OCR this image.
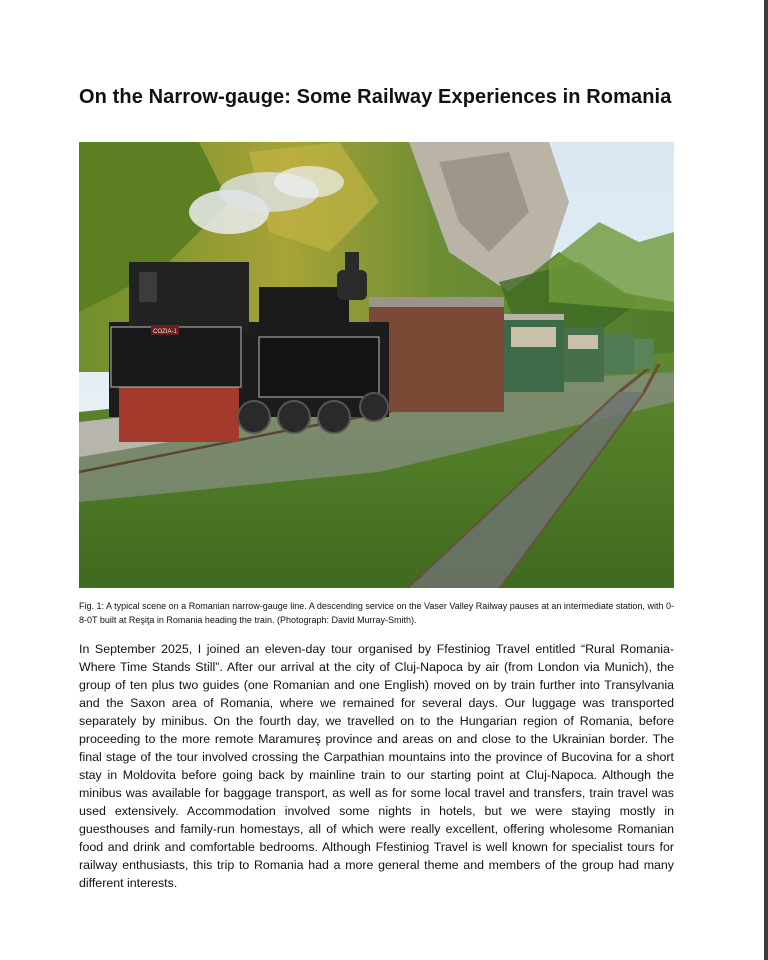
On the Narrow-gauge: Some Railway Experiences in Romania
COZIA-1
Fig. 1: A typical scene on a Romanian narrow-gauge line. A descending service on the Vaser Valley Railway pauses at an intermediate station, with 0-8-0T built at Reşiţa in Romania heading the train. (Photograph: David Murray-Smith).

In September 2025, I joined an eleven-day tour organised by Ffestiniog Travel entitled “Rural Romania- Where Time Stands Still”. After our arrival at the city of Cluj-Napoca by air (from London via Munich), the group of ten plus two guides (one Romanian and one English) moved on by train further into Transylvania and the Saxon area of Romania, where we remained for several days. Our luggage was transported separately by minibus. On the fourth day, we travelled on to the Hungarian region of Romania, before proceeding to the more remote Maramureş province and areas on and close to the Ukrainian border. The final stage of the tour involved crossing the Carpathian mountains into the province of Bucovina for a short stay in Moldovita before going back by mainline train to our starting point at Cluj-Napoca. Although the minibus was available for baggage transport, as well as for some local travel and transfers, train travel was used extensively. Accommodation involved some nights in hotels, but we were staying mostly in guesthouses and family-run homestays, all of which were really excellent, offering wholesome Romanian food and drink and comfortable bedrooms. Although Ffestiniog Travel is well known for specialist tours for railway enthusiasts, this trip to Romania had a more general theme and members of the group had many different interests.
